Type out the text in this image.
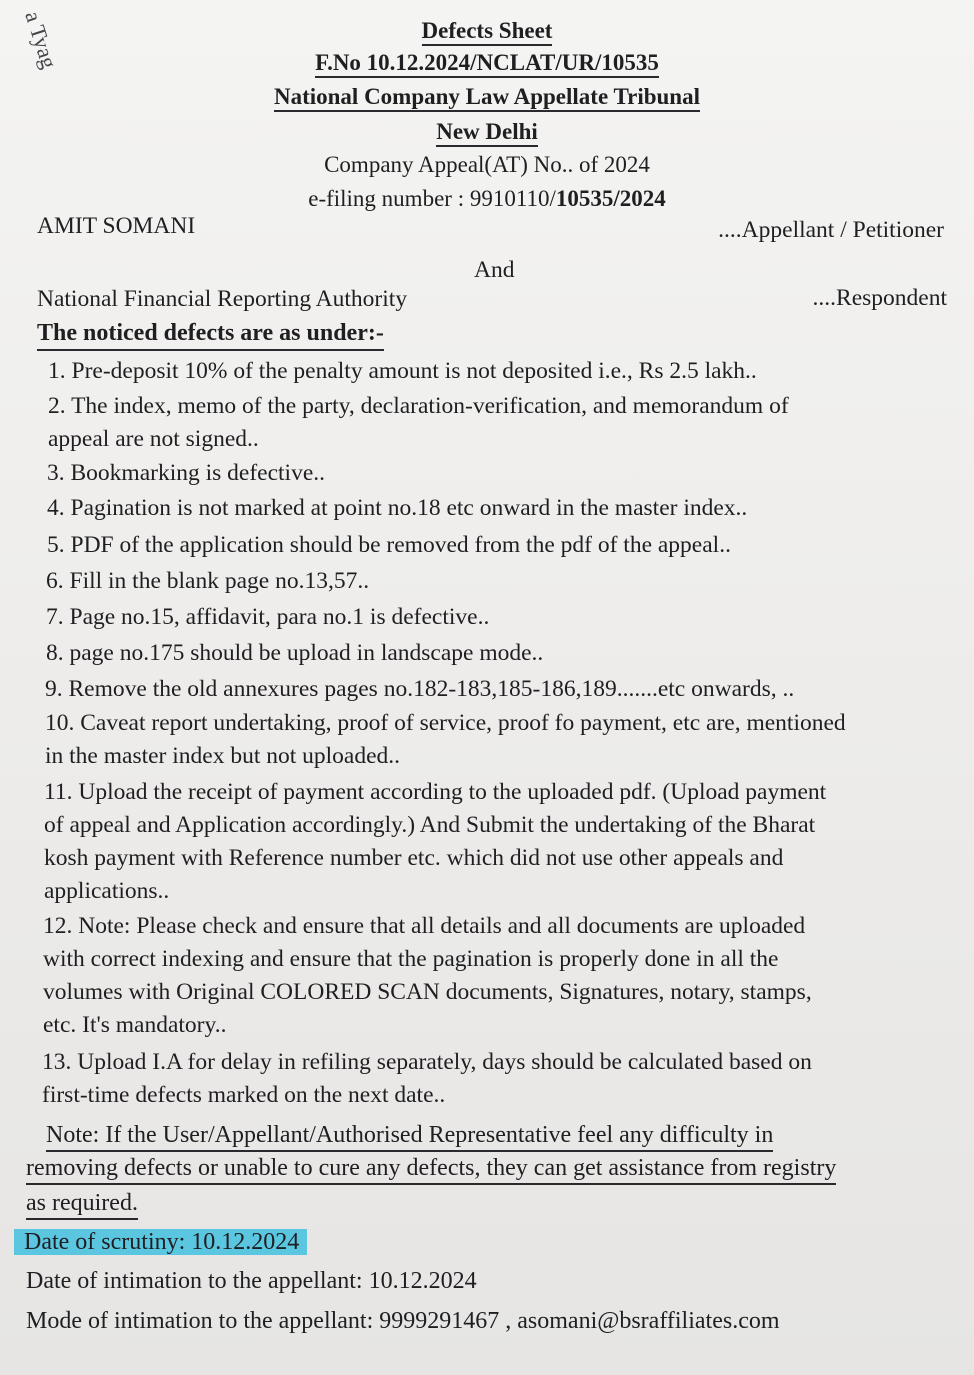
a Tyag	Defects Sheet
F.No 10.12.2024/NCLAT/UR/10535
National Company Law Appellate Tribunal
New Delhi
Company Appeal(AT) No.. of 2024
e-filing number : 9910110/10535/2024
AMIT SOMANI	....Appellant / Petitioner
And
National Financial Reporting Authority	....Respondent
The noticed defects are as under:-
1. Pre-deposit 10% of the penalty amount is not deposited i.e., Rs 2.5 lakh..
2. The index, memo of the party, declaration-verification, and memorandum of
appeal are not signed..
3. Bookmarking is defective..
4. Pagination is not marked at point no.18 etc onward in the master index..
5. PDF of the application should be removed from the pdf of the appeal..
6. Fill in the blank page no.13,57..
7. Page no.15, affidavit, para no.1 is defective..
8. page no.175 should be upload in landscape mode..
9. Remove the old annexures pages no.182-183,185-186,189.......etc onwards, ..
10. Caveat report undertaking, proof of service, proof fo payment, etc are, mentioned
in the master index but not uploaded..
11. Upload the receipt of payment according to the uploaded pdf. (Upload payment
of appeal and Application accordingly.) And Submit the undertaking of the Bharat
kosh payment with Reference number etc. which did not use other appeals and
applications..
12. Note: Please check and ensure that all details and all documents are uploaded
with correct indexing and ensure that the pagination is properly done in all the
volumes with Original COLORED SCAN documents, Signatures, notary, stamps,
etc. It's mandatory..
13. Upload I.A for delay in refiling separately, days should be calculated based on
first-time defects marked on the next date..
Note: If the User/Appellant/Authorised Representative feel any difficulty in
removing defects or unable to cure any defects, they can get assistance from registry
as required.
Date of scrutiny: 10.12.2024
Date of intimation to the appellant: 10.12.2024
Mode of intimation to the appellant: 9999291467 , asomani@bsraffiliates.com
